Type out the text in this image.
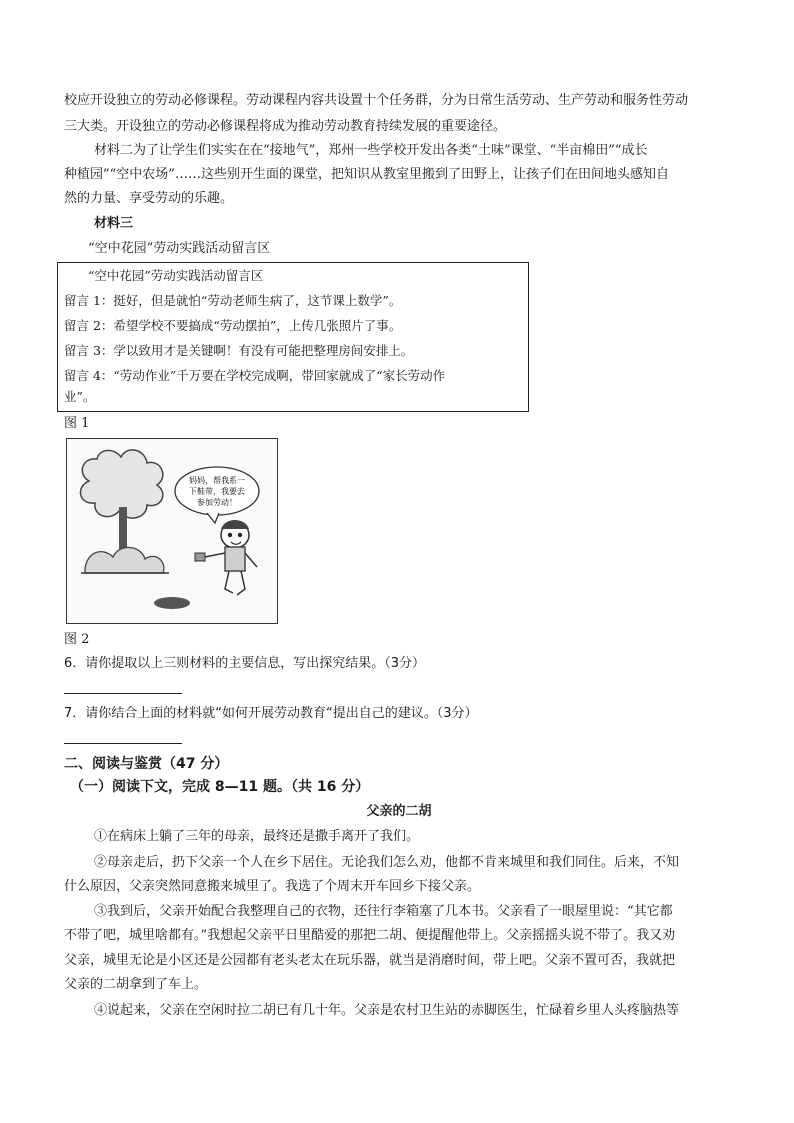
校应开设独立的劳动必修课程。劳动课程内容共设置十个任务群，分为日常生活劳动、生产劳动和服务性劳动
三大类。开设独立的劳动必修课程将成为推动劳动教育持续发展的重要途径。
材料二为了让学生们实实在在“接地气”，郑州一些学校开发出各类“土味”课堂、“半亩棉田”“成长
种植园”“空中农场”……这些别开生面的课堂，把知识从教室里搬到了田野上，让孩子们在田间地头感知自
然的力量、享受劳动的乐趣。
材料三
“空中花园”劳动实践活动留言区
“空中花园”劳动实践活动留言区
留言 1：挺好，但是就怕“劳动老师生病了，这节课上数学”。
留言 2：希望学校不要搞成“劳动摆拍”，上传几张照片了事。
留言 3：学以致用才是关键啊！有没有可能把整理房间安排上。
留言 4：“劳动作业”千万要在学校完成啊，带回家就成了“家长劳动作
业”。
图 1
妈妈，帮我系一
下鞋带，我要去
参加劳动！
图 2
6．请你提取以上三则材料的主要信息，写出探究结果。（3分）
7．请你结合上面的材料就“如何开展劳动教育“提出自己的建议。（3分）
二、阅读与鉴赏（47 分）
（一）阅读下文，完成 8—11 题。（共 16 分）
父亲的二胡
①在病床上躺了三年的母亲，最终还是撒手离开了我们。
②母亲走后，扔下父亲一个人在乡下居住。无论我们怎么劝，他都不肯来城里和我们同住。后来，不知
什么原因，父亲突然同意搬来城里了。我选了个周末开车回乡下接父亲。
③我到后，父亲开始配合我整理自己的衣物，还往行李箱塞了几本书。父亲看了一眼屋里说：“其它都
不带了吧，城里啥都有。”我想起父亲平日里酷爱的那把二胡、便提醒他带上。父亲摇摇头说不带了。我又劝
父亲，城里无论是小区还是公园都有老头老太在玩乐器，就当是消磨时间，带上吧。父亲不置可否，我就把
父亲的二胡拿到了车上。
④说起来，父亲在空闲时拉二胡已有几十年。父亲是农村卫生站的赤脚医生，忙碌着乡里人头疼脑热等
